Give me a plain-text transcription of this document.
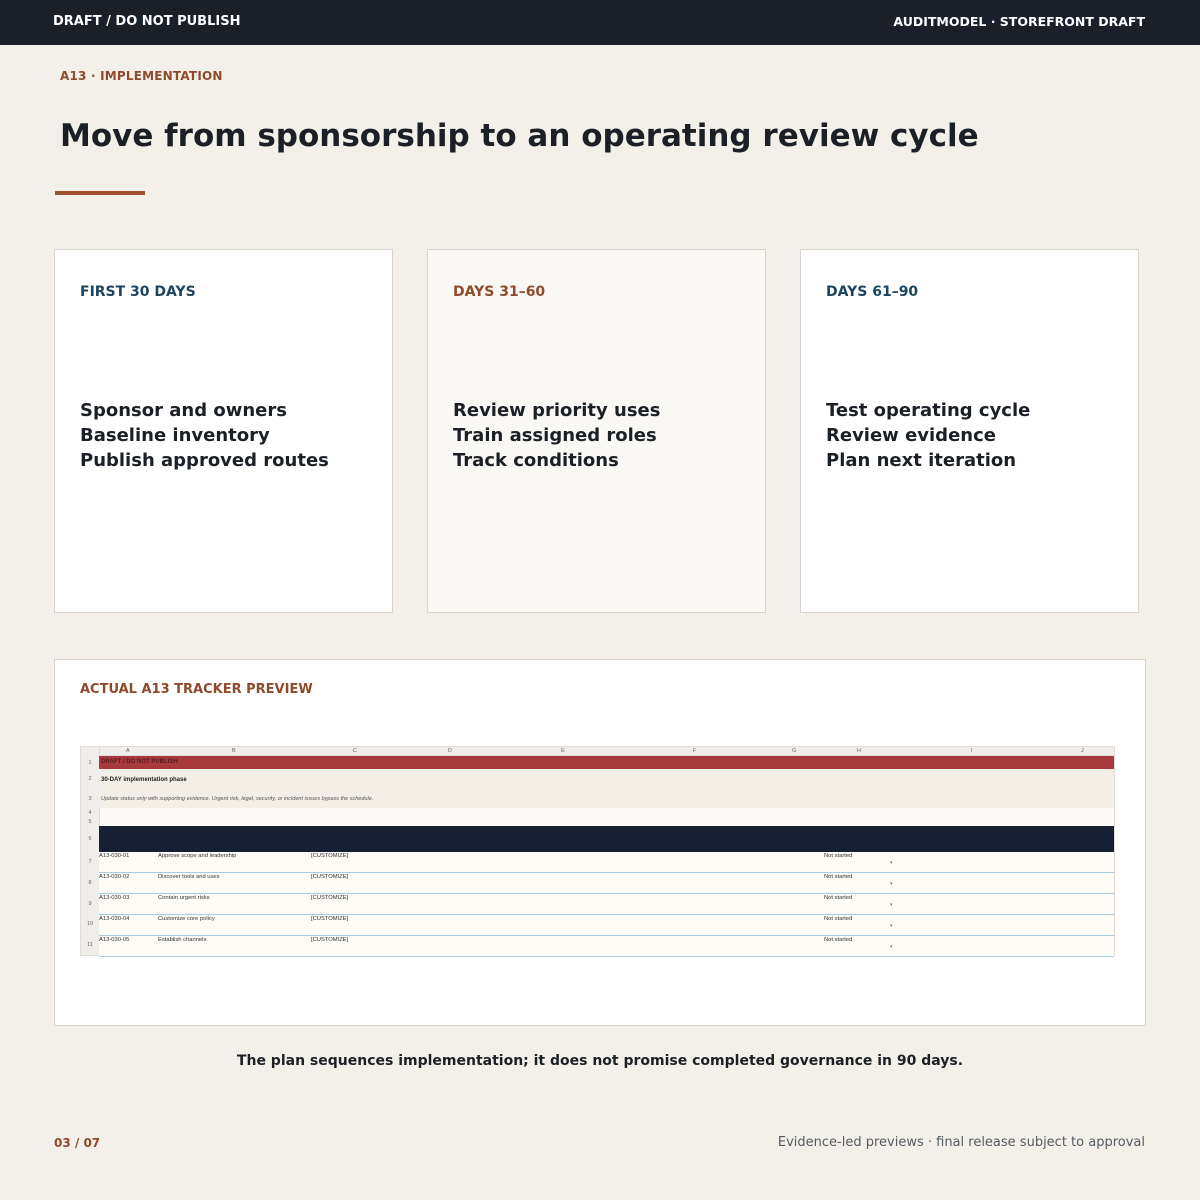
DRAFT / DO NOT PUBLISH	AUDITMODEL · STOREFRONT DRAFT
A13 · IMPLEMENTATION
Move from sponsorship to an operating review cycle
FIRST 30 DAYS
Sponsor and owners
Baseline inventory
Publish approved routes
DAYS 31–60
Review priority uses
Train assigned roles
Track conditions
DAYS 61–90
Test operating cycle
Review evidence
Plan next iteration
ACTUAL A13 TRACKER PREVIEW
A	B	C	D	E	F	G	H	I	J
1
2
3
4
5
6
7
8
9
10
11
DRAFT / DO NOT PUBLISH
30-DAY implementation phase
Update status only with supporting evidence. Urgent risk, legal, security, or incident issues bypass the schedule.
A13-030-01	Approve scope and leadership	[CUSTOMIZE]	Not started
▾
A13-030-02	Discover tools and uses	[CUSTOMIZE]	Not started
▾
A13-030-03	Contain urgent risks	[CUSTOMIZE]	Not started
▾
A13-030-04	Customize core policy	[CUSTOMIZE]	Not started
▾
A13-030-05	Establish channels	[CUSTOMIZE]	Not started
▾
The plan sequences implementation; it does not promise completed governance in 90 days.
03 / 07	Evidence-led previews · final release subject to approval
